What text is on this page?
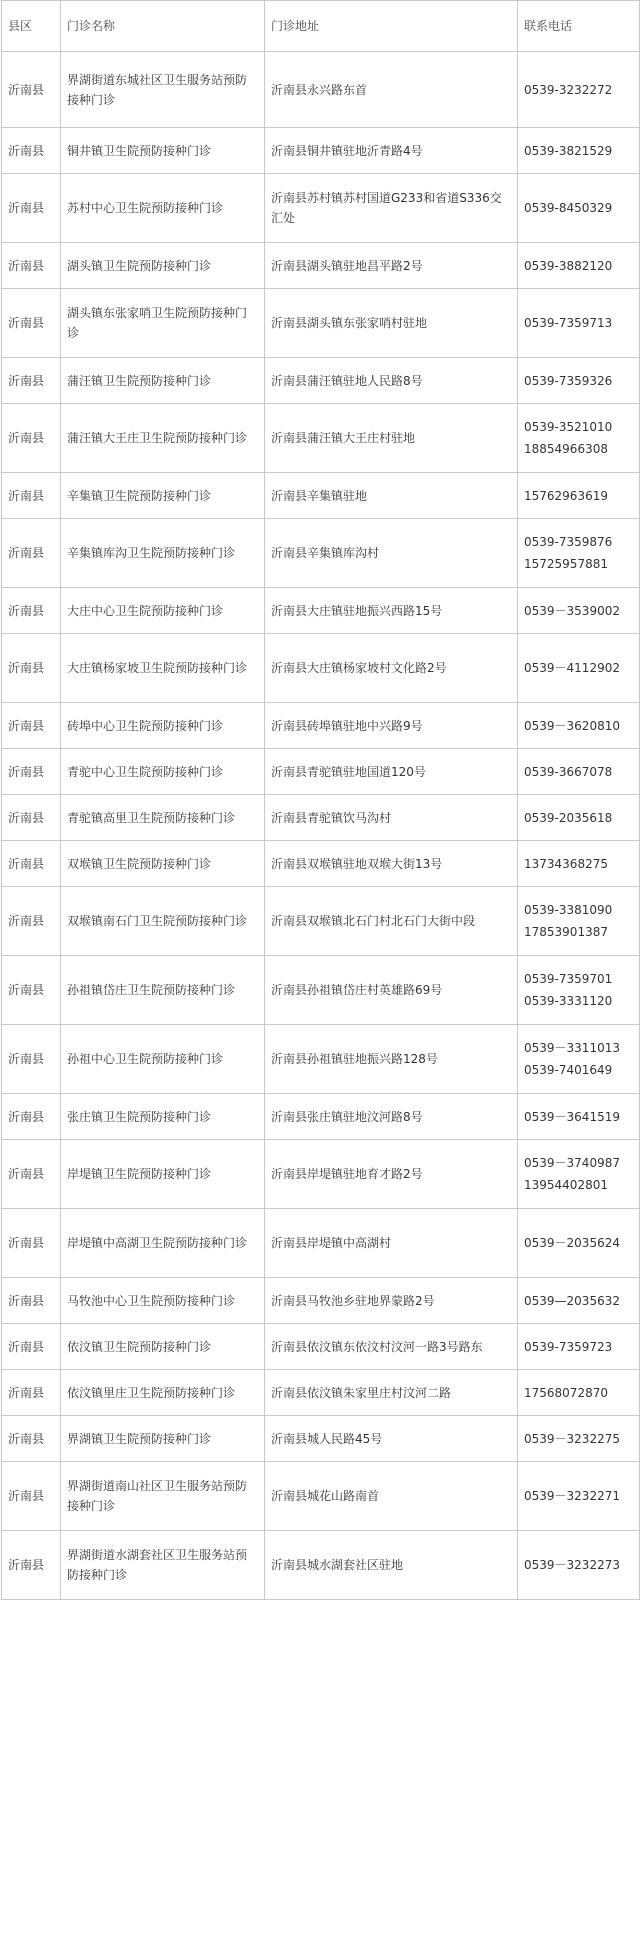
县区	门诊名称	门诊地址	联系电话
沂南县	界湖街道东城社区卫生服务站预防接种门诊	沂南县永兴路东首	0539-3232272
沂南县	铜井镇卫生院预防接种门诊	沂南县铜井镇驻地沂青路4号	0539-3821529
沂南县	苏村中心卫生院预防接种门诊	沂南县苏村镇苏村国道G233和省道S336交汇处	0539-8450329
沂南县	湖头镇卫生院预防接种门诊	沂南县湖头镇驻地昌平路2号	0539-3882120
沂南县	湖头镇东张家哨卫生院预防接种门诊	沂南县湖头镇东张家哨村驻地	0539-7359713
沂南县	蒲汪镇卫生院预防接种门诊	沂南县蒲汪镇驻地人民路8号	0539-7359326
沂南县	蒲汪镇大王庄卫生院预防接种门诊	沂南县蒲汪镇大王庄村驻地	0539-3521010
18854966308
沂南县	辛集镇卫生院预防接种门诊	沂南县辛集镇驻地	15762963619
沂南县	辛集镇库沟卫生院预防接种门诊	沂南县辛集镇库沟村	0539-7359876
15725957881
沂南县	大庄中心卫生院预防接种门诊	沂南县大庄镇驻地振兴西路15号	0539－3539002
沂南县	大庄镇杨家坡卫生院预防接种门诊	沂南县大庄镇杨家坡村文化路2号	0539－4112902
沂南县	砖埠中心卫生院预防接种门诊	沂南县砖埠镇驻地中兴路9号	0539－3620810
沂南县	青驼中心卫生院预防接种门诊	沂南县青驼镇驻地国道120号	0539-3667078
沂南县	青驼镇高里卫生院预防接种门诊	沂南县青驼镇饮马沟村	0539-2035618
沂南县	双堠镇卫生院预防接种门诊	沂南县双堠镇驻地双堠大街13号	13734368275
沂南县	双堠镇南石门卫生院预防接种门诊	沂南县双堠镇北石门村北石门大街中段	0539-3381090
17853901387
沂南县	孙祖镇岱庄卫生院预防接种门诊	沂南县孙祖镇岱庄村英雄路69号	0539-7359701
0539-3331120
沂南县	孙祖中心卫生院预防接种门诊	沂南县孙祖镇驻地振兴路128号	0539－3311013
0539-7401649
沂南县	张庄镇卫生院预防接种门诊	沂南县张庄镇驻地汶河路8号	0539－3641519
沂南县	岸堤镇卫生院预防接种门诊	沂南县岸堤镇驻地育才路2号	0539－3740987
13954402801
沂南县	岸堤镇中高湖卫生院预防接种门诊	沂南县岸堤镇中高湖村	0539－2035624
沂南县	马牧池中心卫生院预防接种门诊	沂南县马牧池乡驻地界蒙路2号	0539—2035632
沂南县	依汶镇卫生院预防接种门诊	沂南县依汶镇东依汶村汶河一路3号路东	0539-7359723
沂南县	依汶镇里庄卫生院预防接种门诊	沂南县依汶镇朱家里庄村汶河二路	17568072870
沂南县	界湖镇卫生院预防接种门诊	沂南县城人民路45号	0539－3232275
沂南县	界湖街道南山社区卫生服务站预防接种门诊	沂南县城花山路南首	0539－3232271
沂南县	界湖街道水湖套社区卫生服务站预防接种门诊	沂南县城水湖套社区驻地	0539－3232273
